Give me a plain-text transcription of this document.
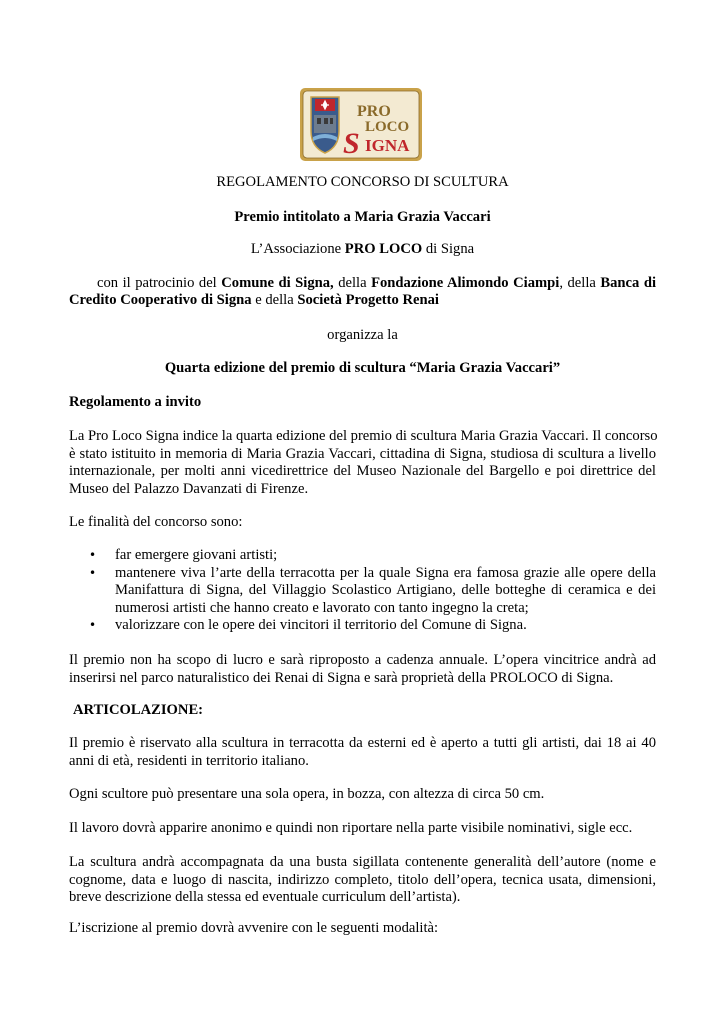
PRO
LOCO
S IGNA
REGOLAMENTO CONCORSO DI SCULTURA
Premio intitolato a Maria Grazia Vaccari
L’Associazione PRO LOCO di Signa
con il patrocinio del Comune di Signa, della Fondazione Alimondo Ciampi, della Banca di
Credito Cooperativo di Signa e della Società Progetto Renai
organizza la
Quarta edizione del premio di scultura “Maria Grazia Vaccari”
Regolamento a invito
La Pro Loco Signa indice la quarta edizione del premio di scultura Maria Grazia Vaccari. Il concorso
è stato istituito in memoria di Maria Grazia Vaccari, cittadina di Signa, studiosa di scultura a livello
internazionale, per molti anni vicedirettrice del Museo Nazionale del Bargello e poi direttrice del
Museo del Palazzo Davanzati di Firenze.
Le finalità del concorso sono:
• far emergere giovani artisti;
• mantenere viva l’arte della terracotta per la quale Signa era famosa grazie alle opere della
Manifattura di Signa, del Villaggio Scolastico Artigiano, delle botteghe di ceramica e dei
numerosi artisti che hanno creato e lavorato con tanto ingegno la creta;
• valorizzare con le opere dei vincitori il territorio del Comune di Signa.
Il premio non ha scopo di lucro e sarà riproposto a cadenza annuale. L’opera vincitrice andrà ad
inserirsi nel parco naturalistico dei Renai di Signa e sarà proprietà della PROLOCO di Signa.
ARTICOLAZIONE:
Il premio è riservato alla scultura in terracotta da esterni ed è aperto a tutti gli artisti, dai 18 ai 40
anni di età, residenti in territorio italiano.
Ogni scultore può presentare una sola opera, in bozza, con altezza di circa 50 cm.
Il lavoro dovrà apparire anonimo e quindi non riportare nella parte visibile nominativi, sigle ecc.
La scultura andrà accompagnata da una busta sigillata contenente generalità dell’autore (nome e
cognome, data e luogo di nascita, indirizzo completo, titolo dell’opera, tecnica usata, dimensioni,
breve descrizione della stessa ed eventuale curriculum dell’artista).
L’iscrizione al premio dovrà avvenire con le seguenti modalità:
